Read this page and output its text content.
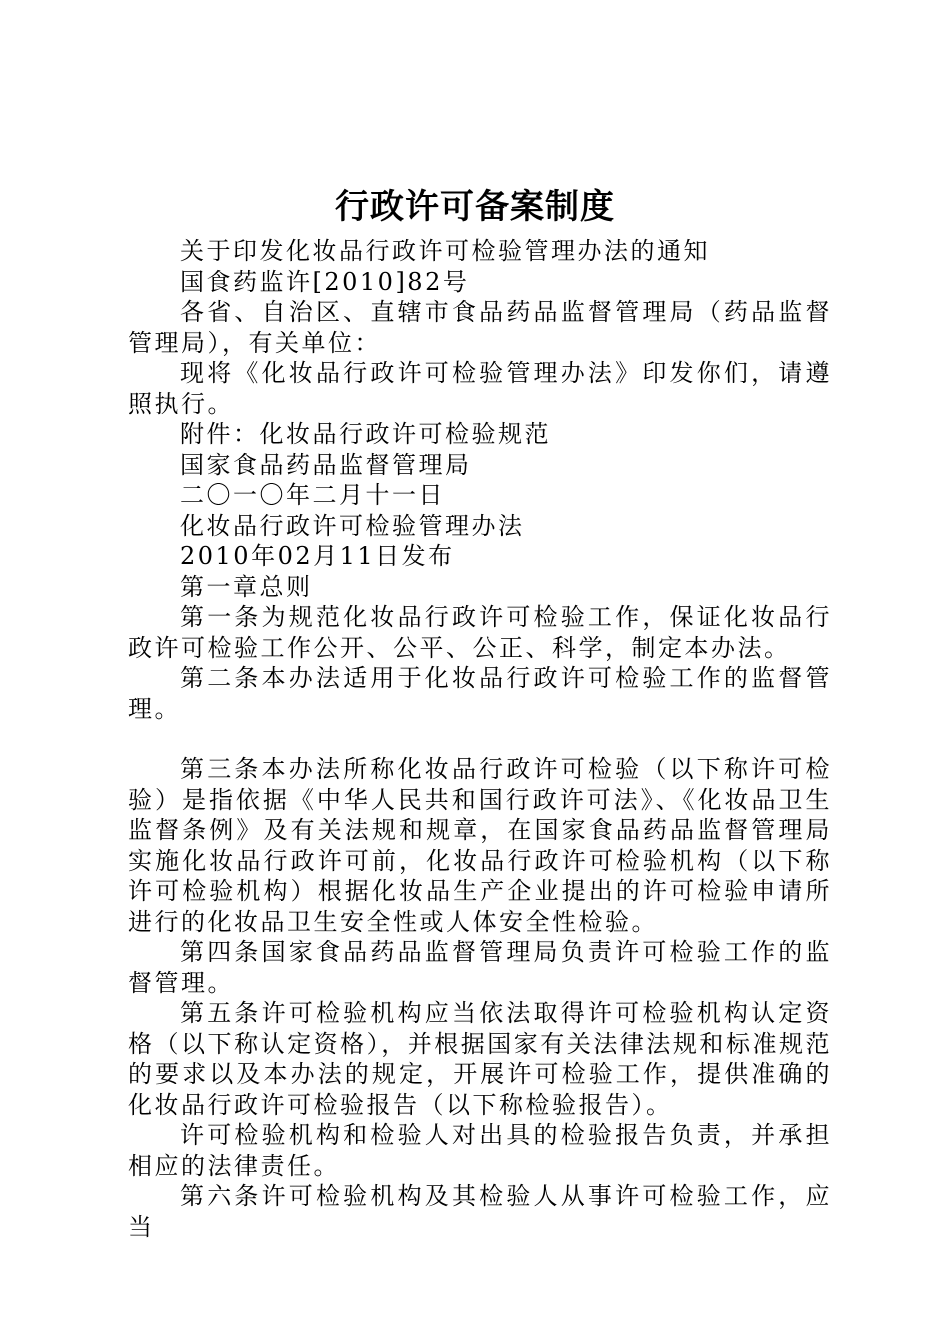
行政许可备案制度

关于印发化妆品行政许可检验管理办法的通知

国食药监许[2010]82号

各省、自治区、直辖市食品药品监督管理局（药品监督管理局），有关单位：

现将《化妆品行政许可检验管理办法》印发你们，请遵照执行。

附件：化妆品行政许可检验规范

国家食品药品监督管理局

二〇一〇年二月十一日

化妆品行政许可检验管理办法

2010年02月11日发布

第一章总则

第一条为规范化妆品行政许可检验工作，保证化妆品行政许可检验工作公开、公平、公正、科学，制定本办法。

第二条本办法适用于化妆品行政许可检验工作的监督管理。

第三条本办法所称化妆品行政许可检验（以下称许可检验）是指依据《中华人民共和国行政许可法》、《化妆品卫生监督条例》及有关法规和规章，在国家食品药品监督管理局实施化妆品行政许可前，化妆品行政许可检验机构（以下称许可检验机构）根据化妆品生产企业提出的许可检验申请所进行的化妆品卫生安全性或人体安全性检验。

第四条国家食品药品监督管理局负责许可检验工作的监督管理。

第五条许可检验机构应当依法取得许可检验机构认定资格（以下称认定资格），并根据国家有关法律法规和标准规范的要求以及本办法的规定，开展许可检验工作，提供准确的化妆品行政许可检验报告（以下称检验报告）。

许可检验机构和检验人对出具的检验报告负责，并承担相应的法律责任。

第六条许可检验机构及其检验人从事许可检验工作，应当
